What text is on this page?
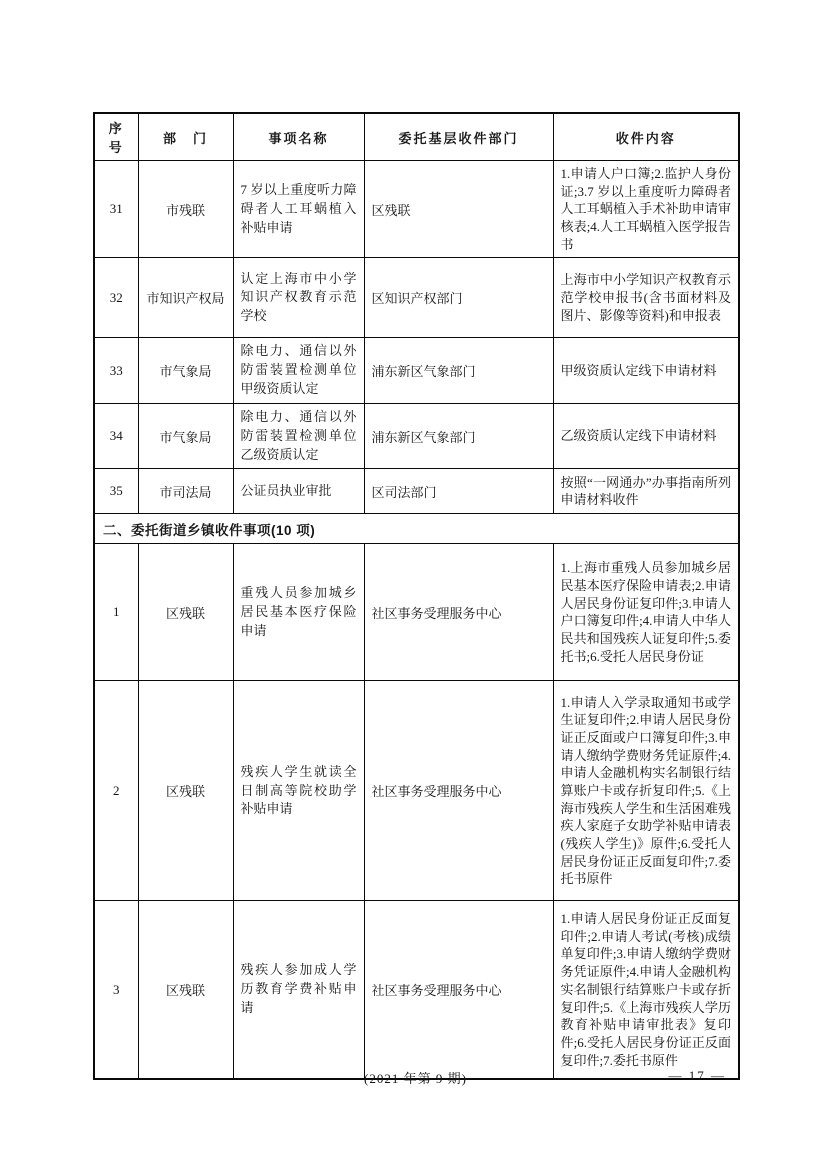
序号	部　门	事项名称	委托基层收件部门	收件内容
31	市残联	7 岁以上重度听力障碍者人工耳蜗植入补贴申请	区残联	1.申请人户口簿;2.监护人身份证;3.7 岁以上重度听力障碍者人工耳蜗植入手术补助申请审核表;4.人工耳蜗植入医学报告书
32	市知识产权局	认定上海市中小学知识产权教育示范学校	区知识产权部门	上海市中小学知识产权教育示范学校申报书(含书面材料及图片、影像等资料)和申报表
33	市气象局	除电力、通信以外防雷装置检测单位甲级资质认定	浦东新区气象部门	甲级资质认定线下申请材料
34	市气象局	除电力、通信以外防雷装置检测单位乙级资质认定	浦东新区气象部门	乙级资质认定线下申请材料
35	市司法局	公证员执业审批	区司法部门	按照“一网通办”办事指南所列申请材料收件
二、委托街道乡镇收件事项(10 项)				
1	区残联	重残人员参加城乡居民基本医疗保险申请	社区事务受理服务中心	1.上海市重残人员参加城乡居民基本医疗保险申请表;2.申请人居民身份证复印件;3.申请人户口簿复印件;4.申请人中华人民共和国残疾人证复印件;5.委托书;6.受托人居民身份证
2	区残联	残疾人学生就读全日制高等院校助学补贴申请	社区事务受理服务中心	1.申请人入学录取通知书或学生证复印件;2.申请人居民身份证正反面或户口簿复印件;3.申请人缴纳学费财务凭证原件;4.申请人金融机构实名制银行结算账户卡或存折复印件;5.《上海市残疾人学生和生活困难残疾人家庭子女助学补贴申请表(残疾人学生)》原件;6.受托人居民身份证正反面复印件;7.委托书原件
3	区残联	残疾人参加成人学历教育学费补贴申请	社区事务受理服务中心	1.申请人居民身份证正反面复印件;2.申请人考试(考核)成绩单复印件;3.申请人缴纳学费财务凭证原件;4.申请人金融机构实名制银行结算账户卡或存折复印件;5.《上海市残疾人学历教育补贴申请审批表》复印件;6.受托人居民身份证正反面复印件;7.委托书原件
(2021 年第 9 期)	— 17 —
